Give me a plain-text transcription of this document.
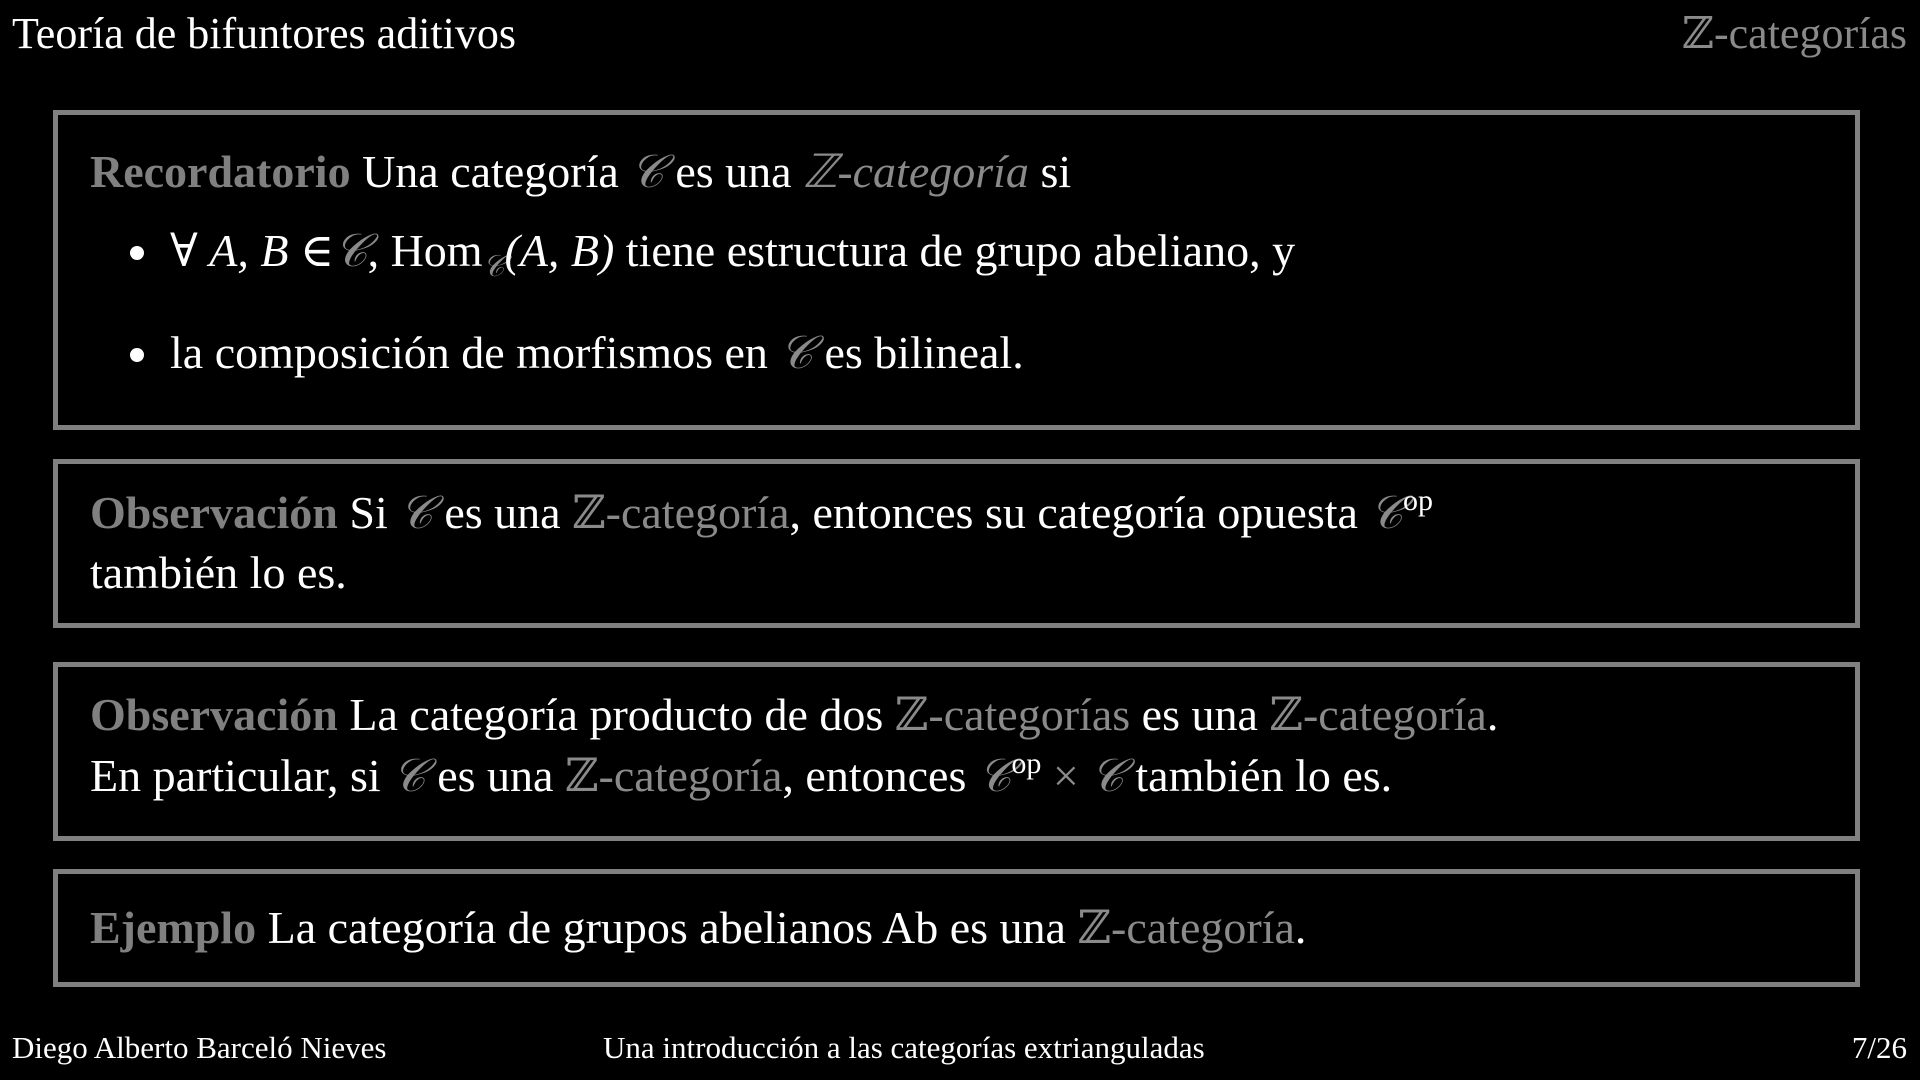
Teoría de bifuntores aditivos	ℤ-categorías
Recordatorio Una categoría 𝒞 es una ℤ-categoría si
∀ A, B ∈𝒞, Hom$_𝒞$(A, B) tiene estructura de grupo abeliano, y
la composición de morfismos en 𝒞 es bilineal.
Observación Si 𝒞 es una ℤ-categoría, entonces su categoría opuesta 𝒞$^{op}$
también lo es.
Observación La categoría producto de dos ℤ-categorías es una ℤ-categoría.
En particular, si 𝒞 es una ℤ-categoría, entonces 𝒞$^{op}$ × 𝒞 también lo es.
Ejemplo La categoría de grupos abelianos Ab es una ℤ-categoría.
Diego Alberto Barceló Nieves	Una introducción a las categorías extrianguladas	7/26
